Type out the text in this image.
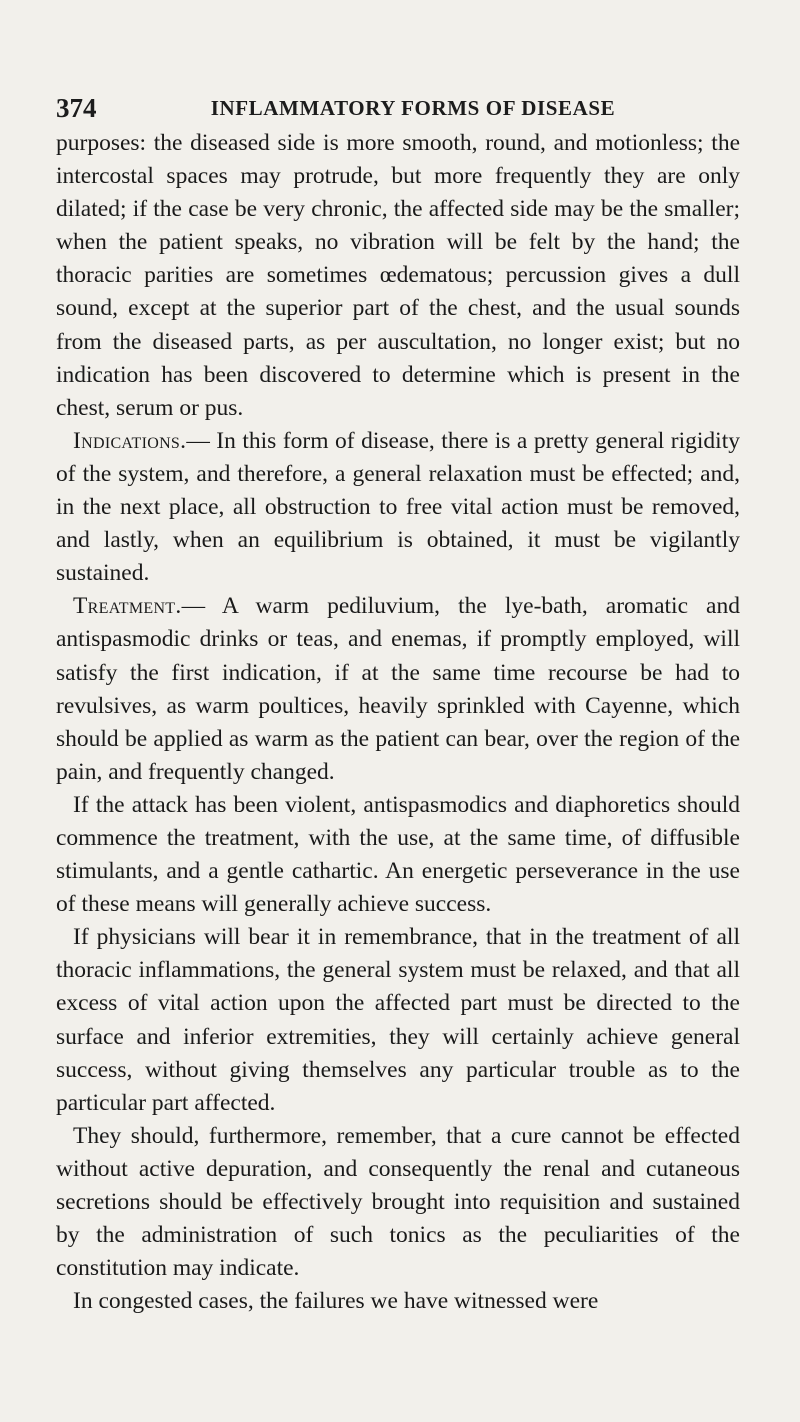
374	INFLAMMATORY FORMS OF DISEASE

purposes: the diseased side is more smooth, round, and motionless; the intercostal spaces may protrude, but more frequently they are only dilated; if the case be very chronic, the affected side may be the smaller; when the patient speaks, no vibration will be felt by the hand; the thoracic parities are sometimes œdematous; percussion gives a dull sound, except at the superior part of the chest, and the usual sounds from the diseased parts, as per auscultation, no longer exist; but no indication has been discovered to determine which is present in the chest, serum or pus.

Indications.— In this form of disease, there is a pretty general rigidity of the system, and therefore, a general relaxation must be effected; and, in the next place, all obstruction to free vital action must be removed, and lastly, when an equilibrium is obtained, it must be vigilantly sustained.

Treatment.— A warm pediluvium, the lye-bath, aromatic and antispasmodic drinks or teas, and enemas, if promptly employed, will satisfy the first indication, if at the same time recourse be had to revulsives, as warm poultices, heavily sprinkled with Cayenne, which should be applied as warm as the patient can bear, over the region of the pain, and frequently changed.

If the attack has been violent, antispasmodics and diaphoretics should commence the treatment, with the use, at the same time, of diffusible stimulants, and a gentle cathartic. An energetic perseverance in the use of these means will generally achieve success.

If physicians will bear it in remembrance, that in the treatment of all thoracic inflammations, the general system must be relaxed, and that all excess of vital action upon the affected part must be directed to the surface and inferior extremities, they will certainly achieve general success, without giving themselves any particular trouble as to the particular part affected.

They should, furthermore, remember, that a cure cannot be effected without active depuration, and consequently the renal and cutaneous secretions should be effectively brought into requisition and sustained by the administration of such tonics as the peculiarities of the constitution may indicate.

In congested cases, the failures we have witnessed were
